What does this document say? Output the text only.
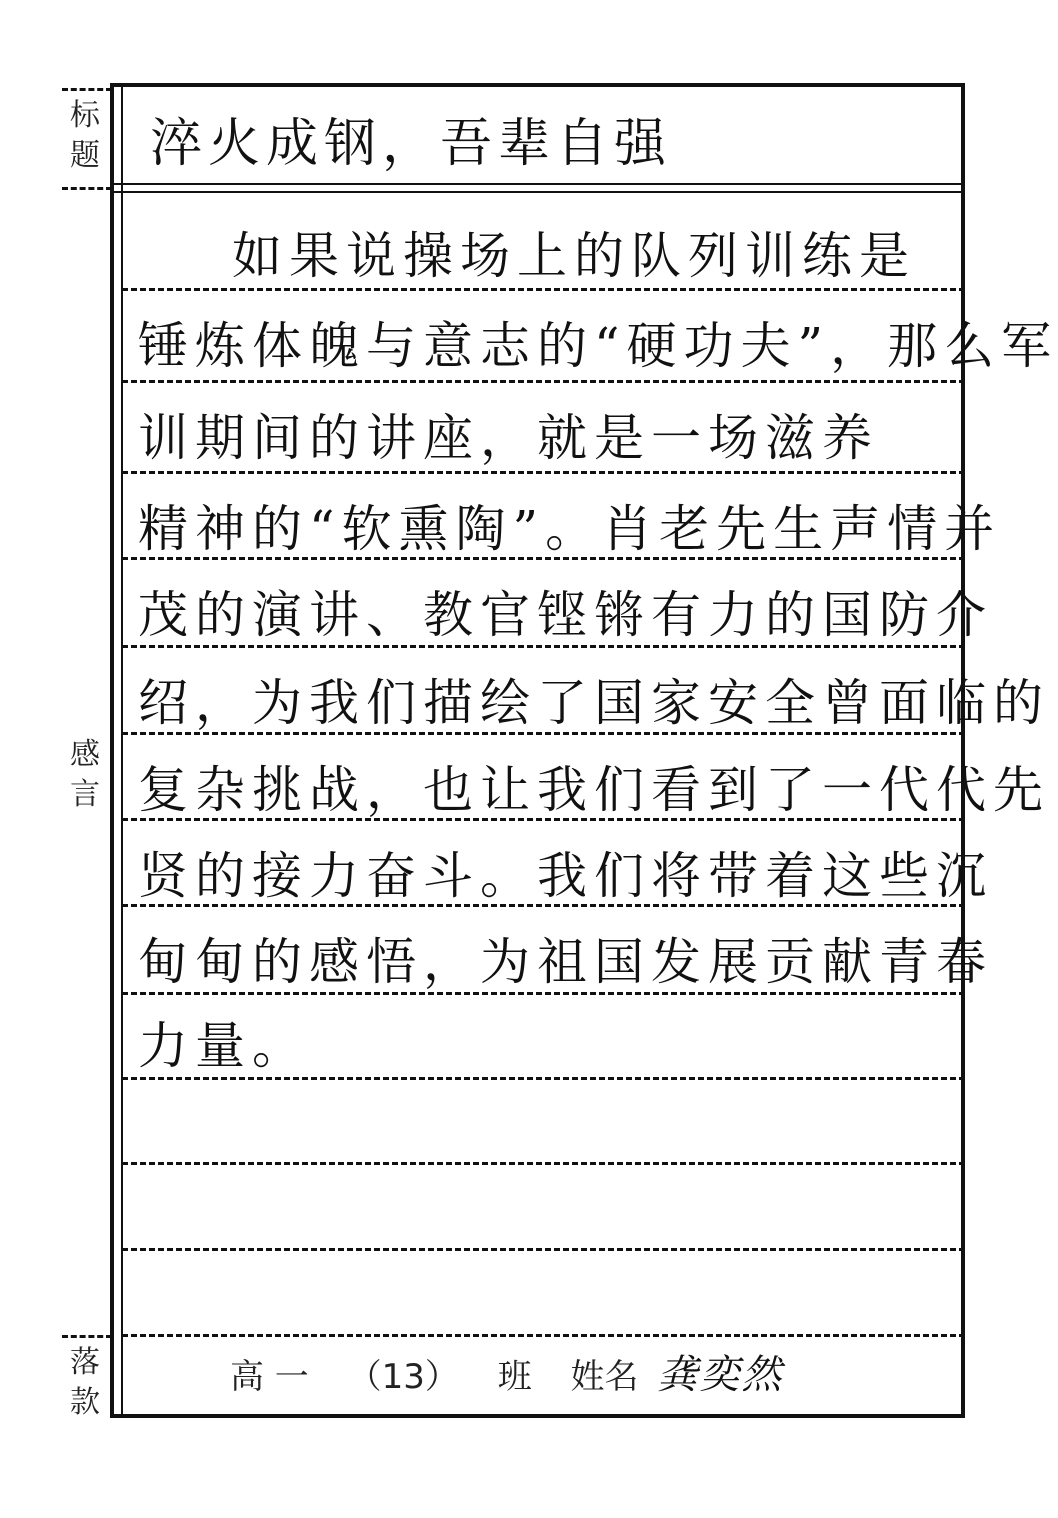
标
题
感
言
落
款
淬火成钢，吾辈自强
如果说操场上的队列训练是
锤炼体魄与意志的“硬功夫”，那么军
训期间的讲座，就是一场滋养
精神的“软熏陶”。肖老先生声情并
茂的演讲、教官铿锵有力的国防介
绍，为我们描绘了国家安全曾面临的
复杂挑战，也让我们看到了一代代先
贤的接力奋斗。我们将带着这些沉
甸甸的感悟，为祖国发展贡献青春
力量。
高 一 （13） 班 姓名 龚奕然
